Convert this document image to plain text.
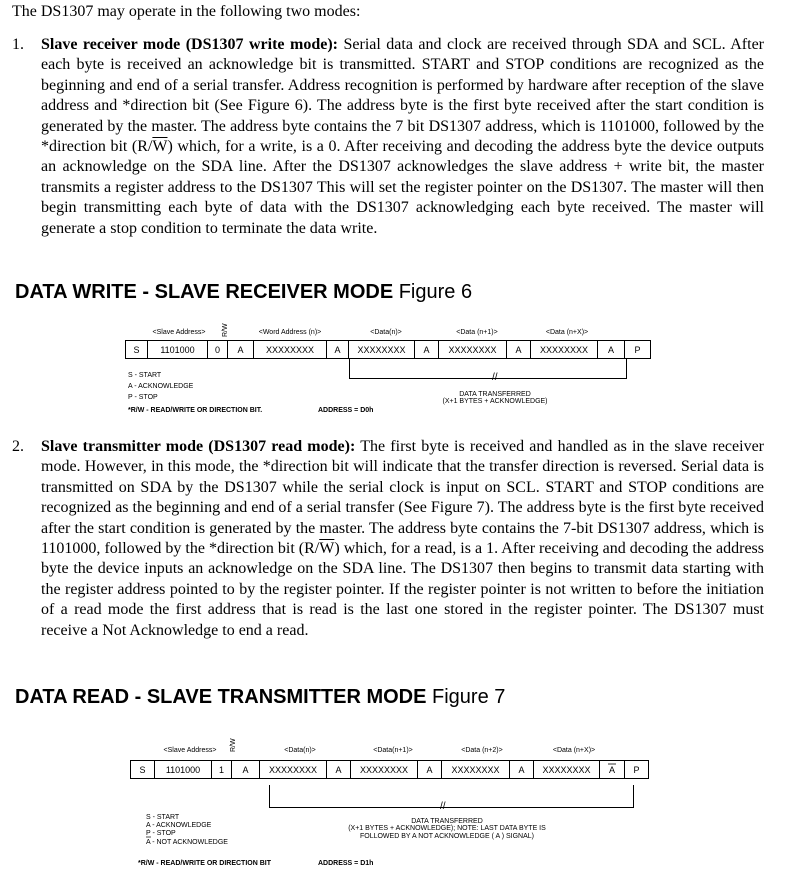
The DS1307 may operate in the following two modes:
1. Slave receiver mode (DS1307 write mode): Serial data and clock are received through SDA and SCL. After each byte is received an acknowledge bit is transmitted. START and STOP conditions are recognized as the beginning and end of a serial transfer. Address recognition is performed by hardware after reception of the slave address and *direction bit (See Figure 6). The address byte is the first byte received after the start condition is generated by the master. The address byte contains the 7 bit DS1307 address, which is 1101000, followed by the *direction bit $(R/\overline{W})$ which, for a write, is a 0. After receiving and decoding the address byte the device outputs an acknowledge on the SDA line. After the DS1307 acknowledges the slave address + write bit, the master transmits a register address to the DS1307 This will set the register pointer on the DS1307. The master will then begin transmitting each byte of data with the DS1307 acknowledging each byte received. The master will generate a stop condition to terminate the data write.
DATA WRITE - SLAVE RECEIVER MODE Figure 6
R/W
<Slave Address>	<Word Address (n)>	<Data(n)>	<Data (n+1)>	<Data (n+X)>
S 1101000 0 A XXXXXXXX A XXXXXXXX A XXXXXXXX A XXXXXXXX A P
//
DATA TRANSFERRED
(X+1 BYTES + ACKNOWLEDGE)
S - START
A - ACKNOWLEDGE
P - STOP
*R/W - READ/WRITE OR DIRECTION BIT.	ADDRESS = D0h
2. Slave transmitter mode (DS1307 read mode): The first byte is received and handled as in the slave receiver mode. However, in this mode, the *direction bit will indicate that the transfer direction is reversed. Serial data is transmitted on SDA by the DS1307 while the serial clock is input on SCL. START and STOP conditions are recognized as the beginning and end of a serial transfer (See Figure 7). The address byte is the first byte received after the start condition is generated by the master. The address byte contains the 7-bit DS1307 address, which is 1101000, followed by the *direction bit $(R/\overline{W})$ which, for a read, is a 1. After receiving and decoding the address byte the device inputs an acknowledge on the SDA line. The DS1307 then begins to transmit data starting with the register address pointed to by the register pointer. If the register pointer is not written to before the initiation of a read mode the first address that is read is the last one stored in the register pointer. The DS1307 must receive a Not Acknowledge to end a read.
DATA READ - SLAVE TRANSMITTER MODE Figure 7
R/W
<Slave Address>	<Data(n)>	<Data(n+1)>	<Data (n+2)>	<Data (n+X)>
S 1101000 1 A XXXXXXXX A XXXXXXXX A XXXXXXXX A XXXXXXXX A P
//
DATA TRANSFERRED
(X+1 BYTES + ACKNOWLEDGE); NOTE: LAST DATA BYTE IS
FOLLOWED BY A NOT ACKNOWLEDGE ( A ) SIGNAL)
S - START
A - ACKNOWLEDGE
P - STOP
A - NOT ACKNOWLEDGE
*R/W - READ/WRITE OR DIRECTION BIT	ADDRESS = D1h
